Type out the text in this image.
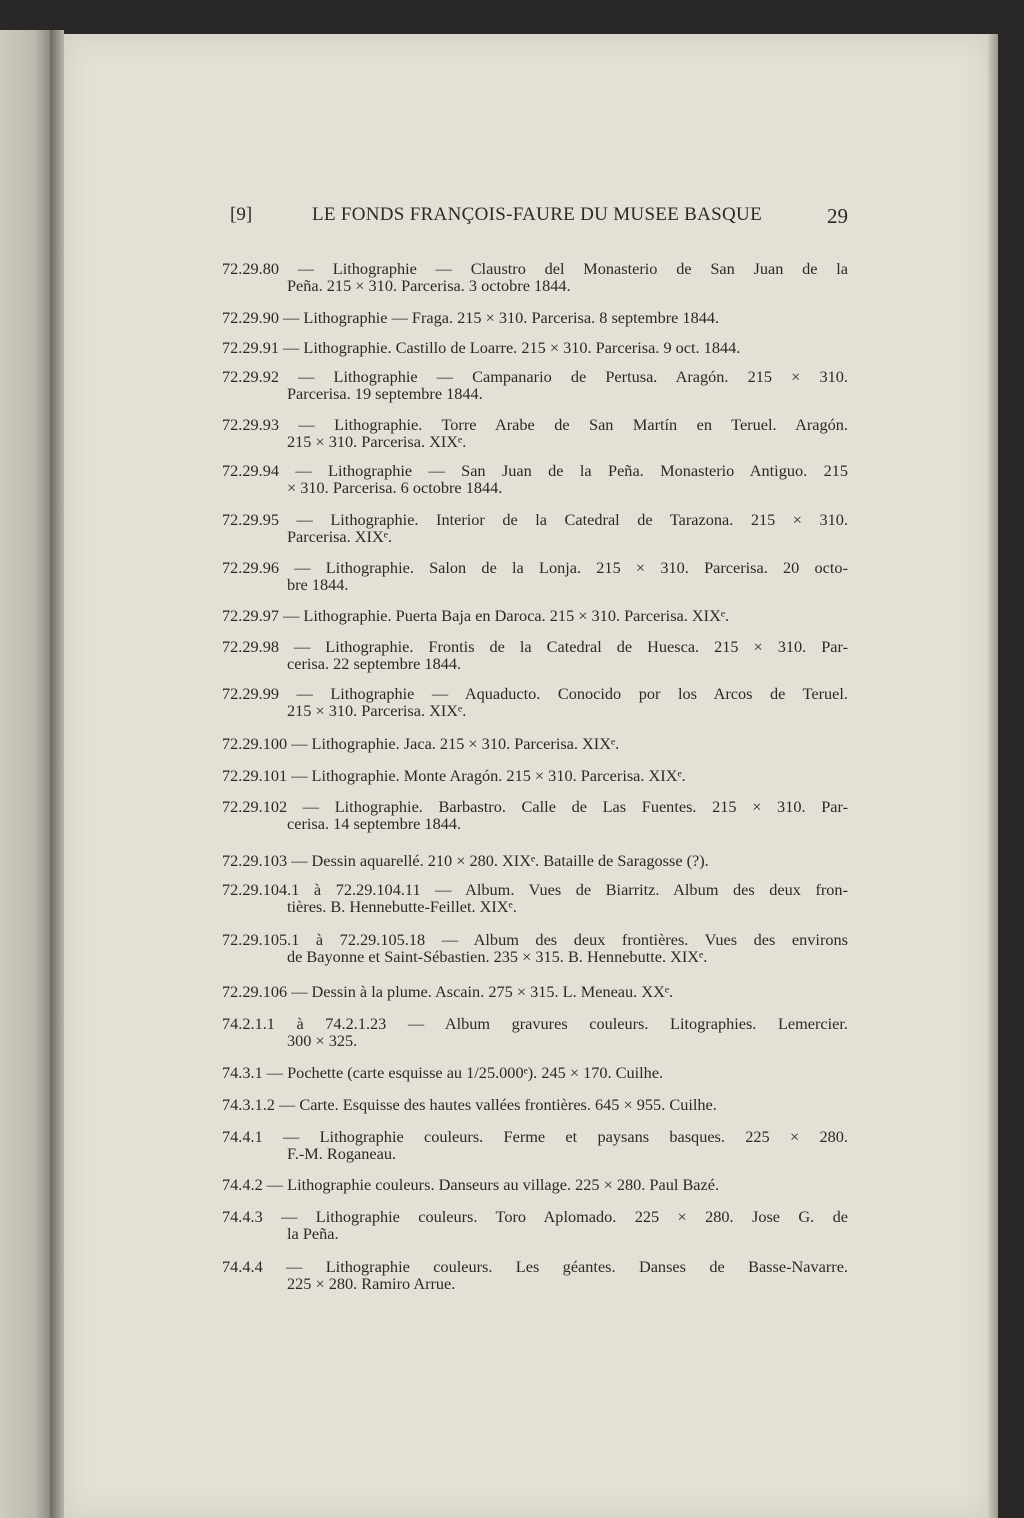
[9]	LE FONDS FRANÇOIS-FAURE DU MUSEE BASQUE	29
72.29.80 — Lithographie — Claustro del Monasterio de San Juan de la
Peña. 215 × 310. Parcerisa. 3 octobre 1844.
72.29.90 — Lithographie — Fraga. 215 × 310. Parcerisa. 8 septembre 1844.
72.29.91 — Lithographie. Castillo de Loarre. 215 × 310. Parcerisa. 9 oct. 1844.
72.29.92 — Lithographie — Campanario de Pertusa. Aragón. 215 × 310.
Parcerisa. 19 septembre 1844.
72.29.93 — Lithographie. Torre Arabe de San Martín en Teruel. Aragón.
215 × 310. Parcerisa. XIXᵉ.
72.29.94 — Lithographie — San Juan de la Peña. Monasterio Antiguo. 215
× 310. Parcerisa. 6 octobre 1844.
72.29.95 — Lithographie. Interior de la Catedral de Tarazona. 215 × 310.
Parcerisa. XIXᵉ.
72.29.96 — Lithographie. Salon de la Lonja. 215 × 310. Parcerisa. 20 octo-
bre 1844.
72.29.97 — Lithographie. Puerta Baja en Daroca. 215 × 310. Parcerisa. XIXᵉ.
72.29.98 — Lithographie. Frontis de la Catedral de Huesca. 215 × 310. Par-
cerisa. 22 septembre 1844.
72.29.99 — Lithographie — Aquaducto. Conocido por los Arcos de Teruel.
215 × 310. Parcerisa. XIXᵉ.
72.29.100 — Lithographie. Jaca. 215 × 310. Parcerisa. XIXᵉ.
72.29.101 — Lithographie. Monte Aragón. 215 × 310. Parcerisa. XIXᵉ.
72.29.102 — Lithographie. Barbastro. Calle de Las Fuentes. 215 × 310. Par-
cerisa. 14 septembre 1844.
72.29.103 — Dessin aquarellé. 210 × 280. XIXᵉ. Bataille de Saragosse (?).
72.29.104.1 à 72.29.104.11 — Album. Vues de Biarritz. Album des deux fron-
tières. B. Hennebutte-Feillet. XIXᵉ.
72.29.105.1 à 72.29.105.18 — Album des deux frontières. Vues des environs
de Bayonne et Saint-Sébastien. 235 × 315. B. Hennebutte. XIXᵉ.
72.29.106 — Dessin à la plume. Ascain. 275 × 315. L. Meneau. XXᵉ.
74.2.1.1 à 74.2.1.23 — Album gravures couleurs. Litographies. Lemercier.
300 × 325.
74.3.1 — Pochette (carte esquisse au 1/25.000ᵉ). 245 × 170. Cuilhe.
74.3.1.2 — Carte. Esquisse des hautes vallées frontières. 645 × 955. Cuilhe.
74.4.1 — Lithographie couleurs. Ferme et paysans basques. 225 × 280.
F.-M. Roganeau.
74.4.2 — Lithographie couleurs. Danseurs au village. 225 × 280. Paul Bazé.
74.4.3 — Lithographie couleurs. Toro Aplomado. 225 × 280. Jose G. de
la Peña.
74.4.4 — Lithographie couleurs. Les géantes. Danses de Basse-Navarre.
225 × 280. Ramiro Arrue.
